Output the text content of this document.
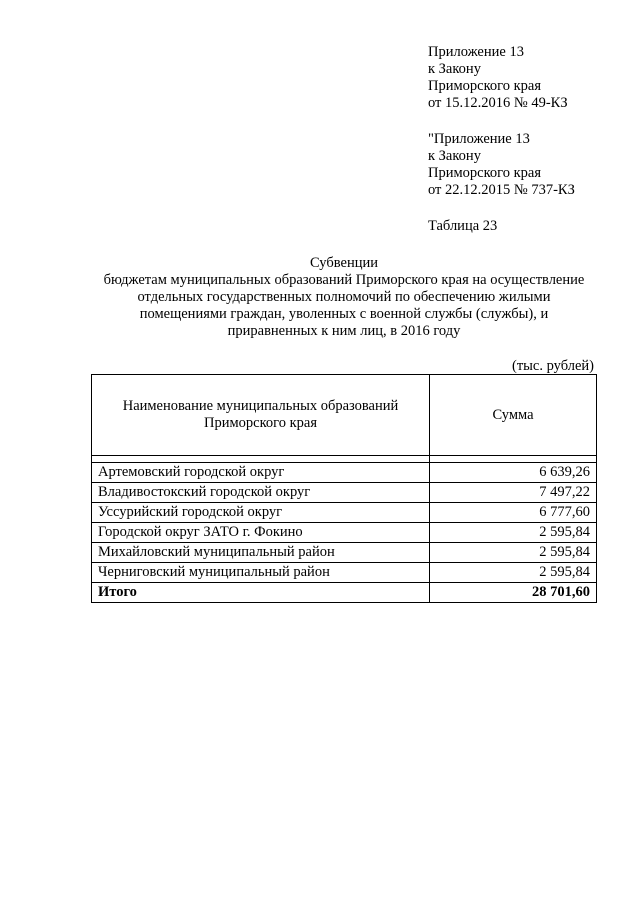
Приложение 13
к Закону
Приморского края
от 15.12.2016 № 49-КЗ
"Приложение 13
к Закону
Приморского края
от 22.12.2015 № 737-КЗ
Таблица 23
Субвенции
бюджетам муниципальных образований Приморского края на осуществление
отдельных государственных полномочий по обеспечению жилыми
помещениями граждан, уволенных с военной службы (службы), и
приравненных к ним лиц, в 2016 году
(тыс. рублей)
Наименование муниципальных образований
Приморского края	Сумма

Артемовский городской округ	6 639,26
Владивостокский городской округ	7 497,22
Уссурийский городской округ	6 777,60
Городской округ ЗАТО г. Фокино	2 595,84
Михайловский муниципальный район	2 595,84
Черниговский муниципальный район	2 595,84
Итого	28 701,60
